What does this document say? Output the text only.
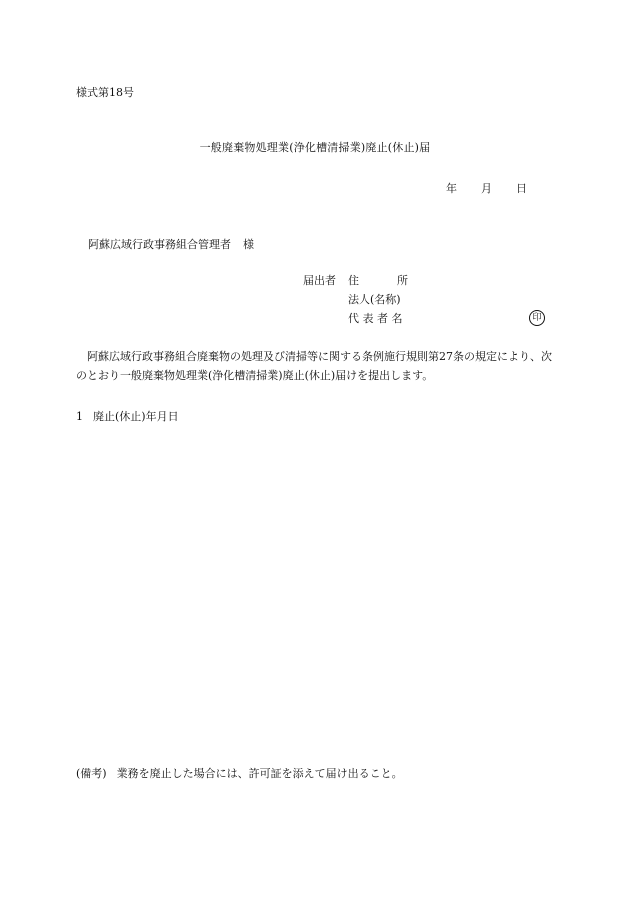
様式第18号
一般廃棄物処理業(浄化槽清掃業)廃止(休止)届
年 月 日
阿蘇広域行政事務組合管理者 様
届出者 住	所
法人(名称)
代 表 者 名	印
阿蘇広域行政事務組合廃棄物の処理及び清掃等に関する条例施行規則第27条の規定により、次のとおり一般廃棄物処理業(浄化槽清掃業)廃止(休止)届けを提出します。
1 廃止(休止)年月日
(備考) 業務を廃止した場合には、許可証を添えて届け出ること。
